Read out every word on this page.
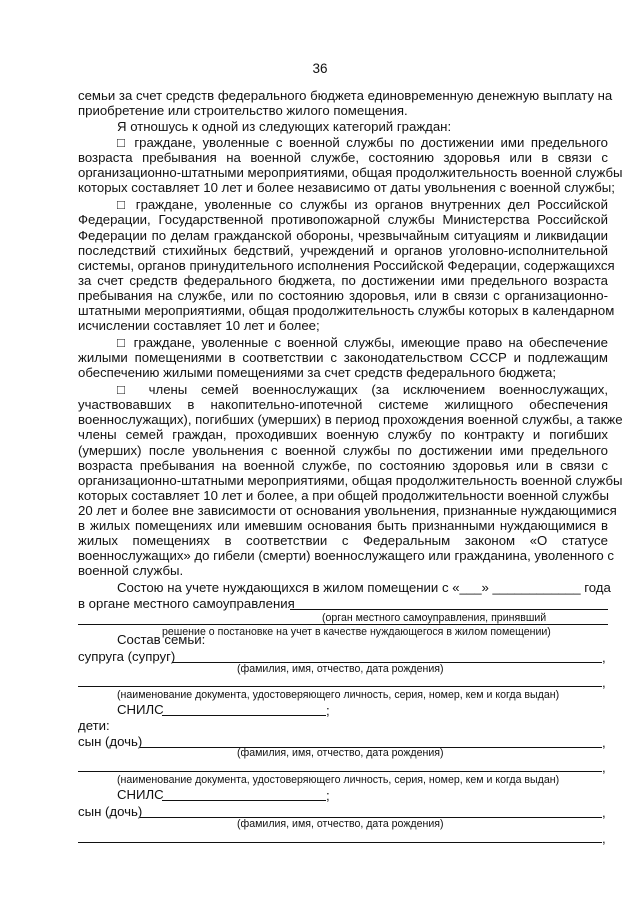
36
семьи за счет средств федерального бюджета единовременную денежную выплату на
приобретение или строительство жилого помещения.
Я отношусь к одной из следующих категорий граждан:
□ граждане, уволенные с военной службы по достижении ими предельного
возраста пребывания на военной службе, состоянию здоровья или в связи с
организационно-штатными мероприятиями, общая продолжительность военной службы
которых составляет 10 лет и более независимо от даты увольнения с военной службы;
□ граждане, уволенные со службы из органов внутренних дел Российской
Федерации, Государственной противопожарной службы Министерства Российской
Федерации по делам гражданской обороны, чрезвычайным ситуациям и ликвидации
последствий стихийных бедствий, учреждений и органов уголовно-исполнительной
системы, органов принудительного исполнения Российской Федерации, содержащихся
за счет средств федерального бюджета, по достижении ими предельного возраста
пребывания на службе, или по состоянию здоровья, или в связи с организационно-
штатными мероприятиями, общая продолжительность службы которых в календарном
исчислении составляет 10 лет и более;
□ граждане, уволенные с военной службы, имеющие право на обеспечение
жилыми помещениями в соответствии с законодательством СССР и подлежащим
обеспечению жилыми помещениями за счет средств федерального бюджета;
□ члены семей военнослужащих (за исключением военнослужащих,
участвовавших в накопительно-ипотечной системе жилищного обеспечения
военнослужащих), погибших (умерших) в период прохождения военной службы, а также
члены семей граждан, проходивших военную службу по контракту и погибших
(умерших) после увольнения с военной службы по достижении ими предельного
возраста пребывания на военной службе, по состоянию здоровья или в связи с
организационно-штатными мероприятиями, общая продолжительность военной службы
которых составляет 10 лет и более, а при общей продолжительности военной службы
20 лет и более вне зависимости от основания увольнения, признанные нуждающимися
в жилых помещениях или имевшим основания быть признанными нуждающимися в
жилых помещениях в соответствии с Федеральным законом «О статусе
военнослужащих» до гибели (смерти) военнослужащего или гражданина, уволенного с
военной службы.
Состою на учете нуждающихся в жилом помещении с «___» ____________ года
в органе местного самоуправления
(орган местного самоуправления, принявший
решение о постановке на учет в качестве нуждающегося в жилом помещении)
Состав семьи:
супруга (супруг)	,
(фамилия, имя, отчество, дата рождения)
,
(наименование документа, удостоверяющего личность, серия, номер, кем и когда выдан)
СНИЛС	;
дети:
сын (дочь)	,
(фамилия, имя, отчество, дата рождения)
,
(наименование документа, удостоверяющего личность, серия, номер, кем и когда выдан)
СНИЛС	;
сын (дочь)	,
(фамилия, имя, отчество, дата рождения)
,
